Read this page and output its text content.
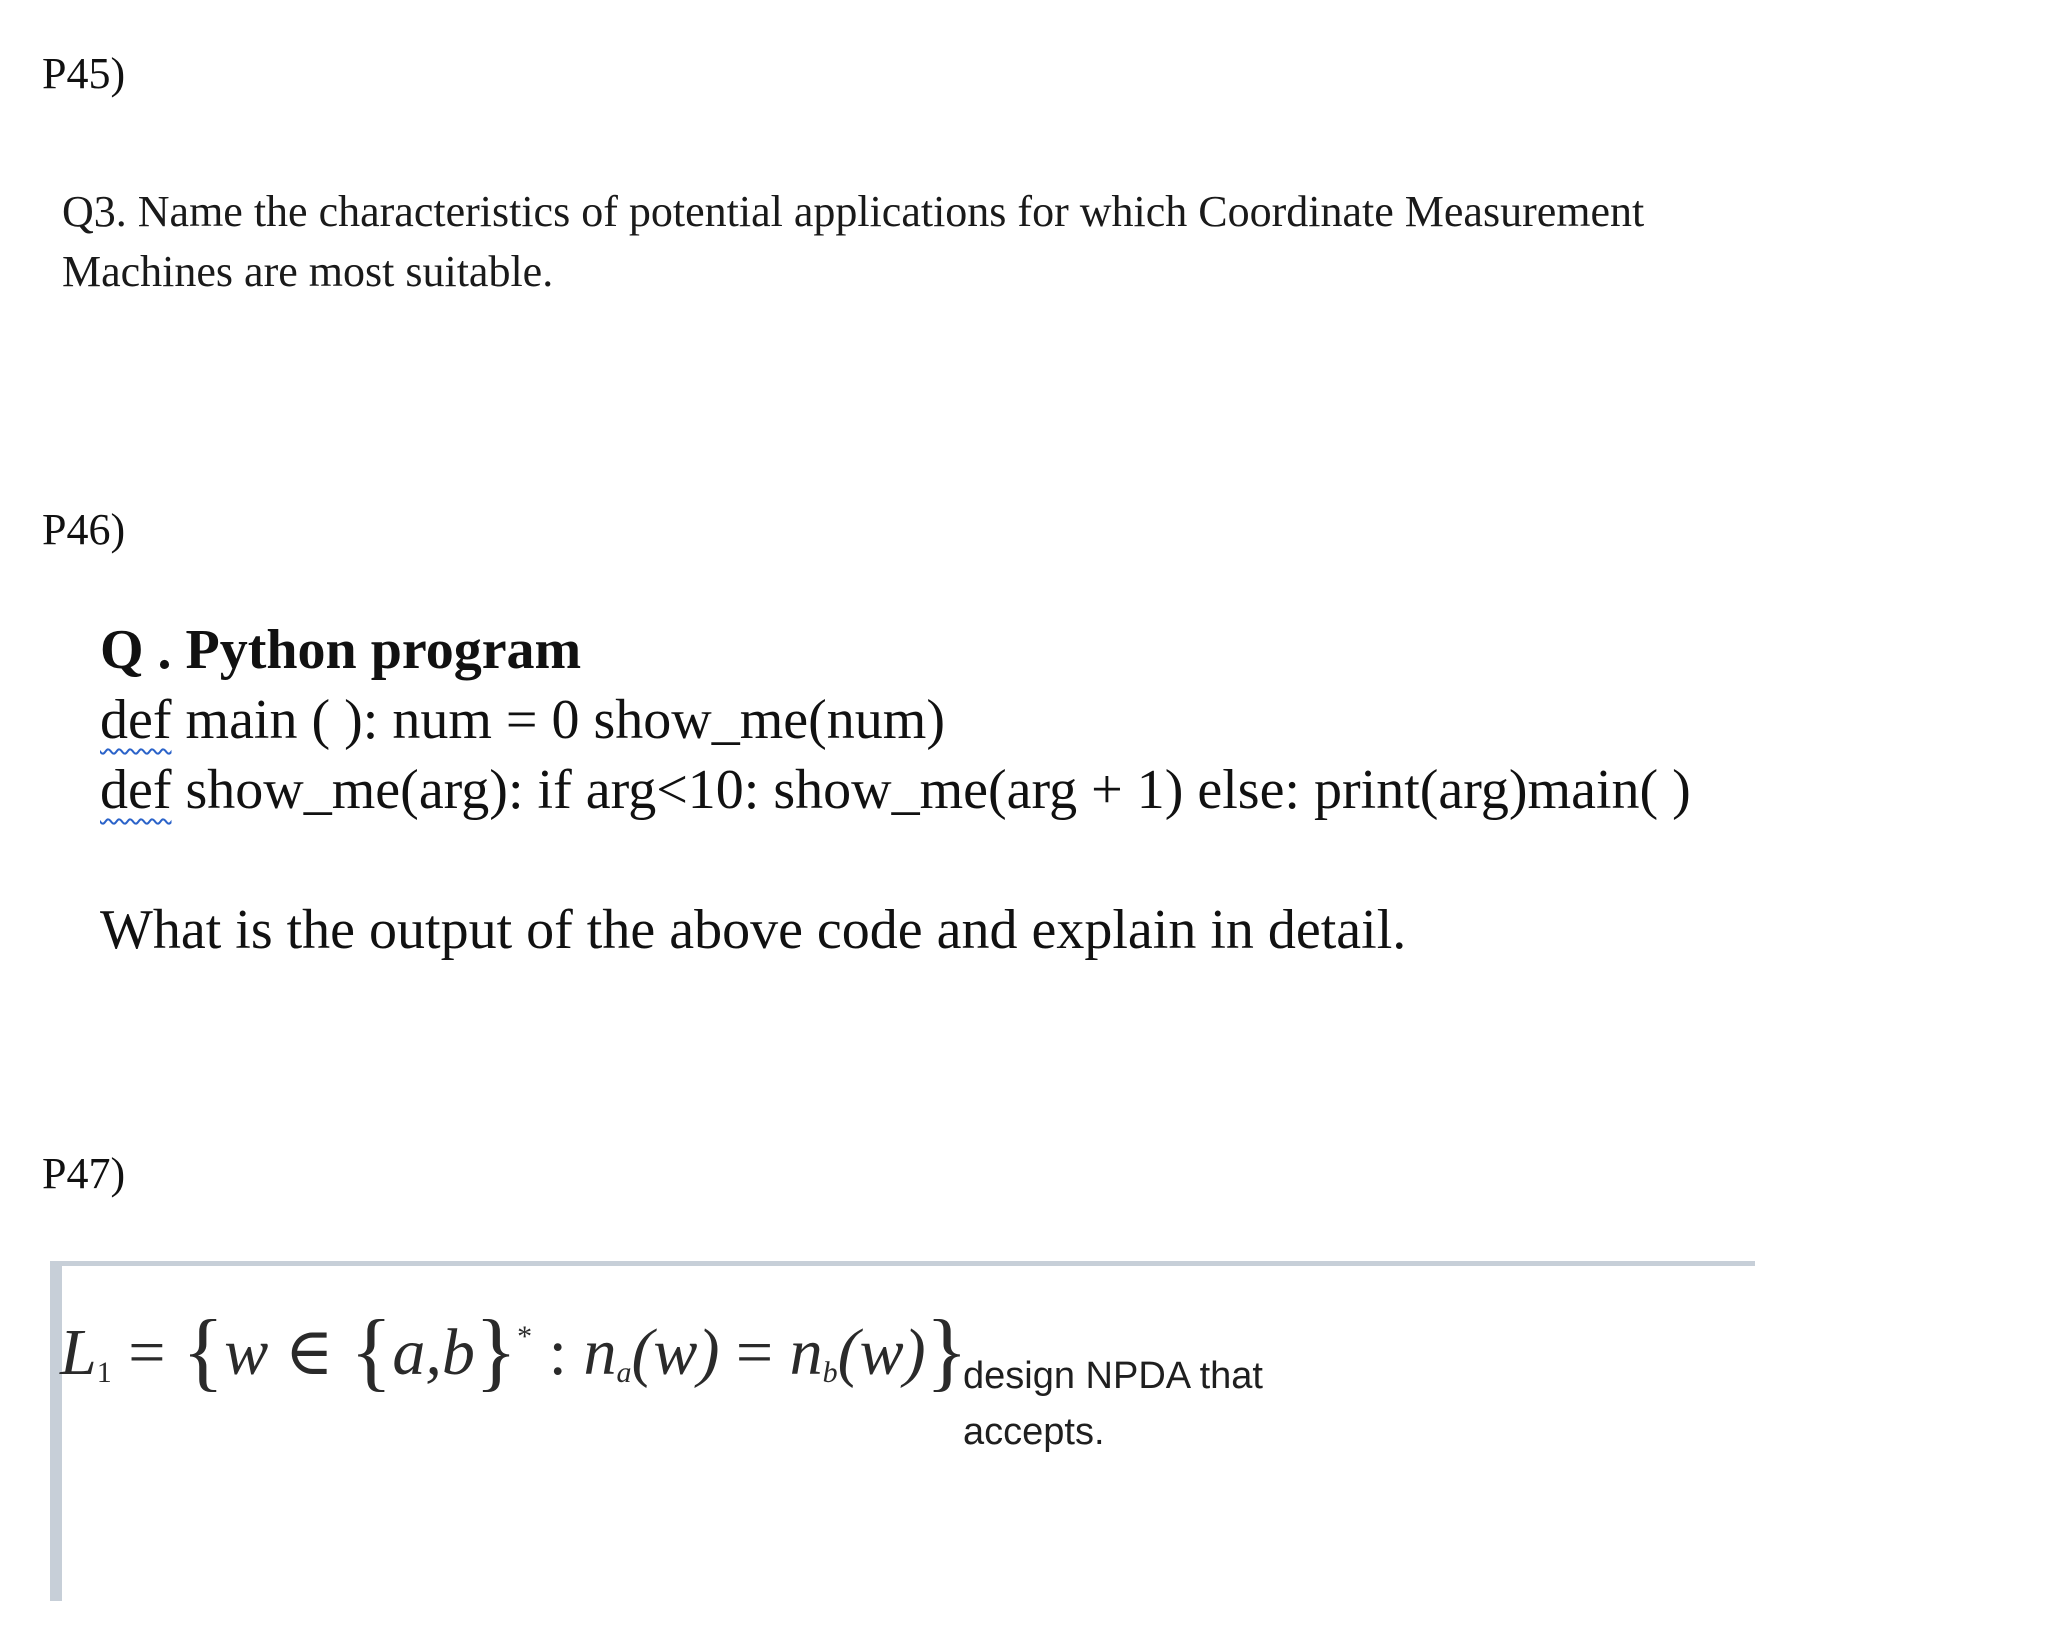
P45)
Q3. Name the characteristics of potential applications for which Coordinate Measurement
Machines are most suitable.
P46)
Q . Python program
def main ( ): num = 0 show_me(num)
def show_me(arg): if arg<10: show_me(arg + 1) else: print(arg)main( )
What is the output of the above code and explain in detail.
P47)
$L_1 = \{w$ ∈ {a,b}* : $n_a(w) = n_b(w)$}
design NPDA that accepts.
